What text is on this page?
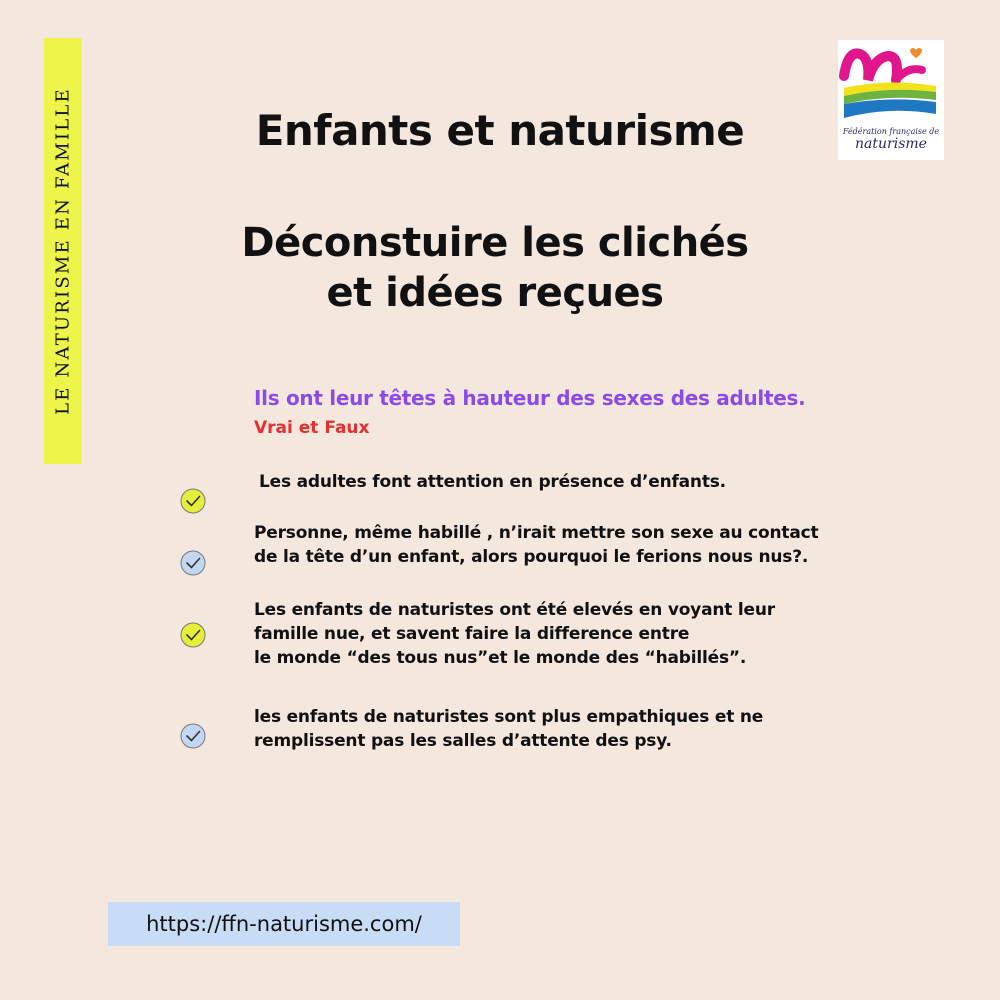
LE NATURISME EN FAMILLE	Fédération française de
naturisme
Enfants et naturisme
Déconstuire les clichés
et idées reçues
Ils ont leur têtes à hauteur des sexes des adultes.
Vrai et Faux
Les adultes font attention en présence d’enfants.
Personne, même habillé , n’irait mettre son sexe au contact
de la tête d’un enfant, alors pourquoi le ferions nous nus?.
Les enfants de naturistes ont été elevés en voyant leur
famille nue, et savent faire la difference entre
le monde “des tous nus”et le monde des “habillés”.
les enfants de naturistes sont plus empathiques et ne
remplissent pas les salles d’attente des psy.
https://ffn-naturisme.com/
